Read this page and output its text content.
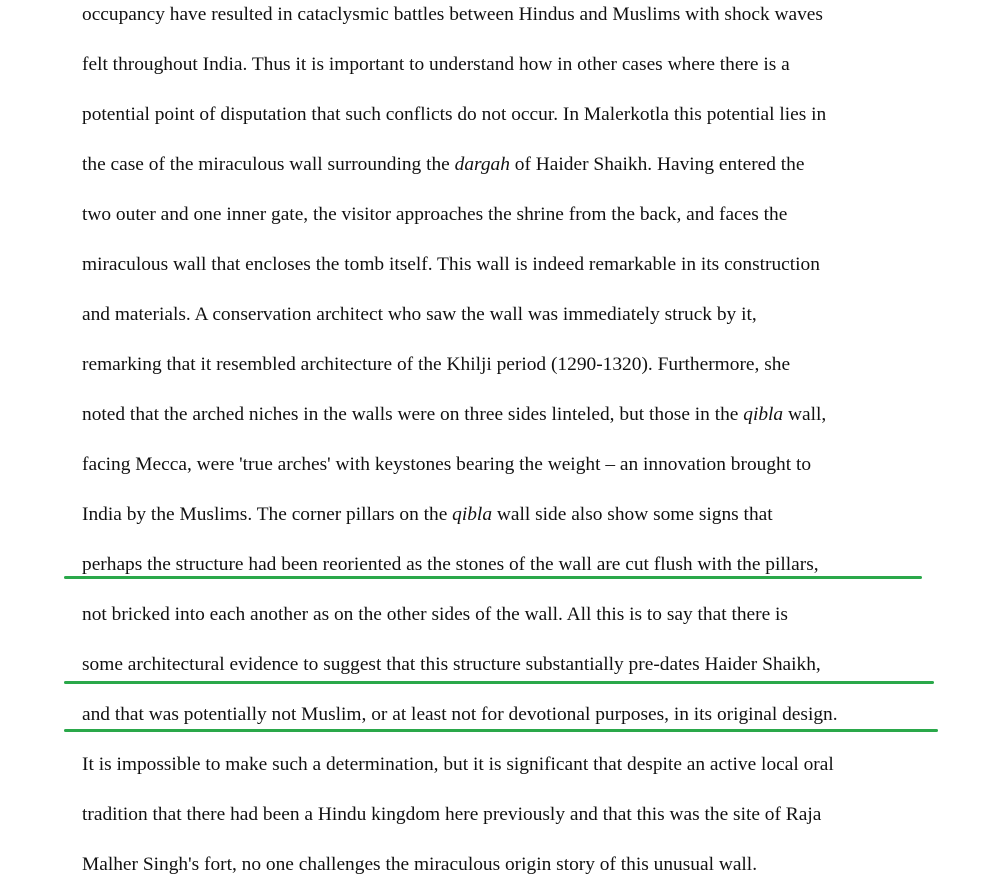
occupancy have resulted in cataclysmic battles between Hindus and Muslims with shock waves
felt throughout India. Thus it is important to understand how in other cases where there is a
potential point of disputation that such conflicts do not occur. In Malerkotla this potential lies in
the case of the miraculous wall surrounding the dargah of Haider Shaikh. Having entered the
two outer and one inner gate, the visitor approaches the shrine from the back, and faces the
miraculous wall that encloses the tomb itself. This wall is indeed remarkable in its construction
and materials. A conservation architect who saw the wall was immediately struck by it,
remarking that it resembled architecture of the Khilji period (1290-1320). Furthermore, she
noted that the arched niches in the walls were on three sides linteled, but those in the qibla wall,
facing Mecca, were 'true arches' with keystones bearing the weight – an innovation brought to
India by the Muslims. The corner pillars on the qibla wall side also show some signs that
perhaps the structure had been reoriented as the stones of the wall are cut flush with the pillars,
not bricked into each another as on the other sides of the wall. All this is to say that there is
some architectural evidence to suggest that this structure substantially pre-dates Haider Shaikh,
and that was potentially not Muslim, or at least not for devotional purposes, in its original design.
It is impossible to make such a determination, but it is significant that despite an active local oral
tradition that there had been a Hindu kingdom here previously and that this was the site of Raja
Malher Singh's fort, no one challenges the miraculous origin story of this unusual wall.
